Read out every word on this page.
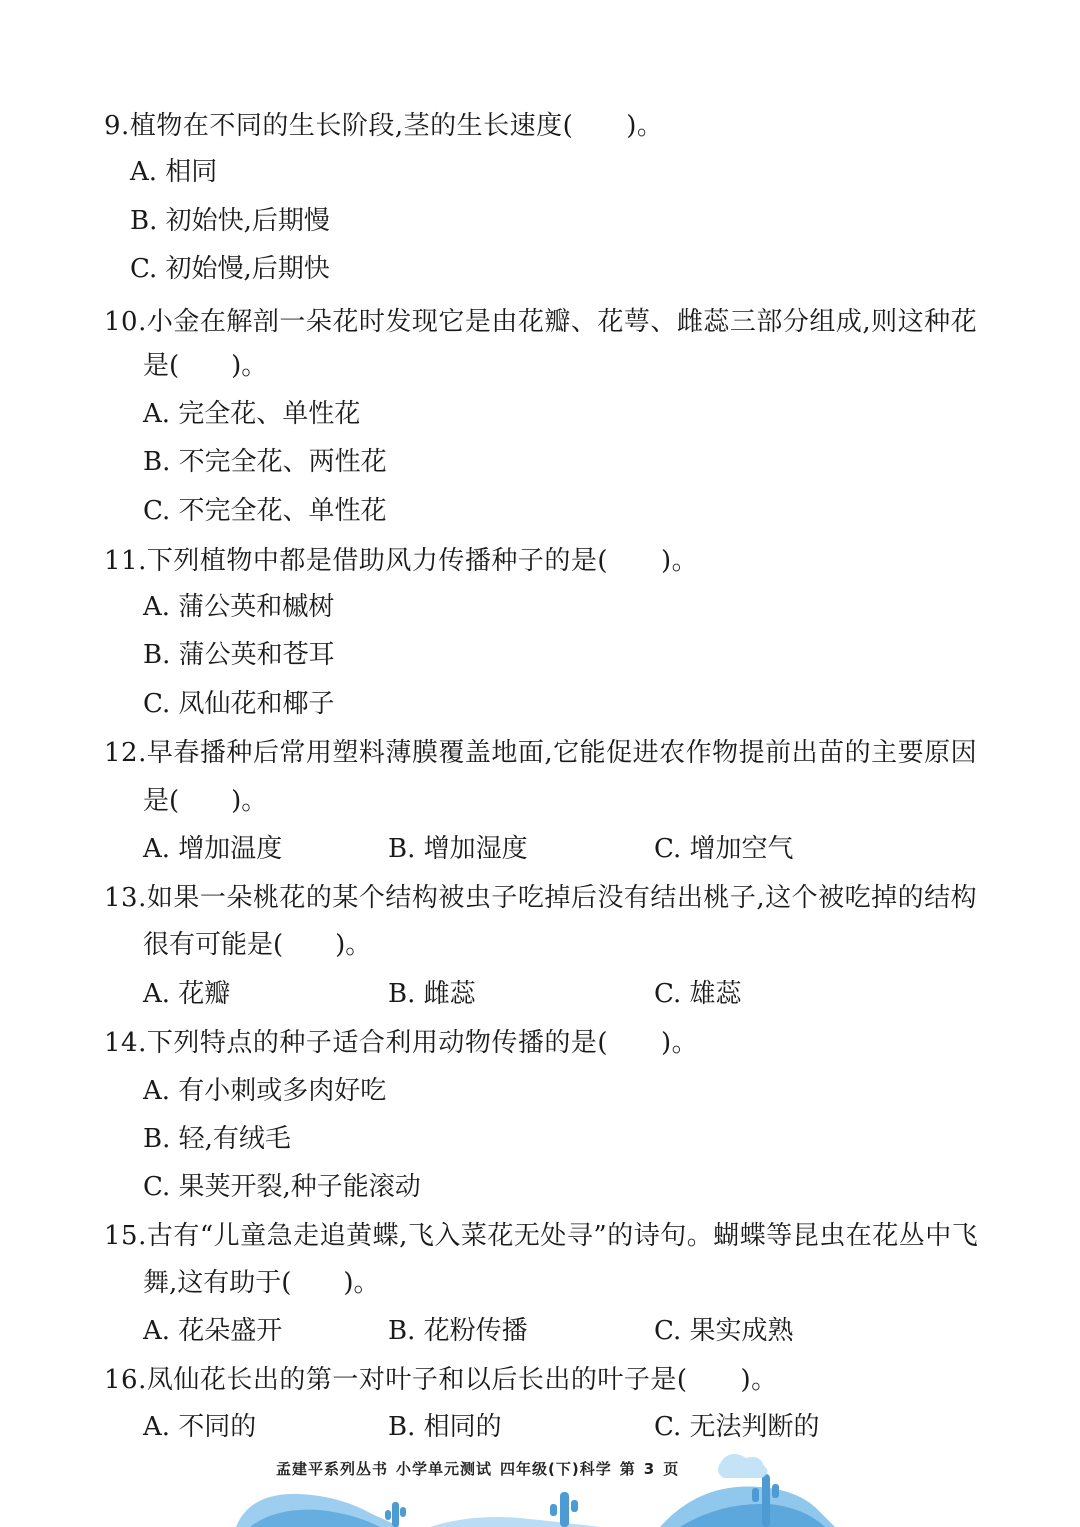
9.植物在不同的生长阶段,茎的生长速度(　　)。
A. 相同
B. 初始快,后期慢
C. 初始慢,后期快
10.小金在解剖一朵花时发现它是由花瓣、花萼、雌蕊三部分组成,则这种花
是(　　)。
A. 完全花、单性花
B. 不完全花、两性花
C. 不完全花、单性花
11.下列植物中都是借助风力传播种子的是(　　)。
A. 蒲公英和槭树
B. 蒲公英和苍耳
C. 凤仙花和椰子
12.早春播种后常用塑料薄膜覆盖地面,它能促进农作物提前出苗的主要原因
是(　　)。
A. 增加温度	B. 增加湿度	C. 增加空气
13.如果一朵桃花的某个结构被虫子吃掉后没有结出桃子,这个被吃掉的结构
很有可能是(　　)。
A. 花瓣	B. 雌蕊	C. 雄蕊
14.下列特点的种子适合利用动物传播的是(　　)。
A. 有小刺或多肉好吃
B. 轻,有绒毛
C. 果荚开裂,种子能滚动
15.古有“儿童急走追黄蝶,飞入菜花无处寻”的诗句。蝴蝶等昆虫在花丛中飞
舞,这有助于(　　)。
A. 花朵盛开	B. 花粉传播	C. 果实成熟
16.凤仙花长出的第一对叶子和以后长出的叶子是(　　)。
A. 不同的	B. 相同的	C. 无法判断的
孟建平系列丛书 小学单元测试 四年级(下)科学 第 3 页
